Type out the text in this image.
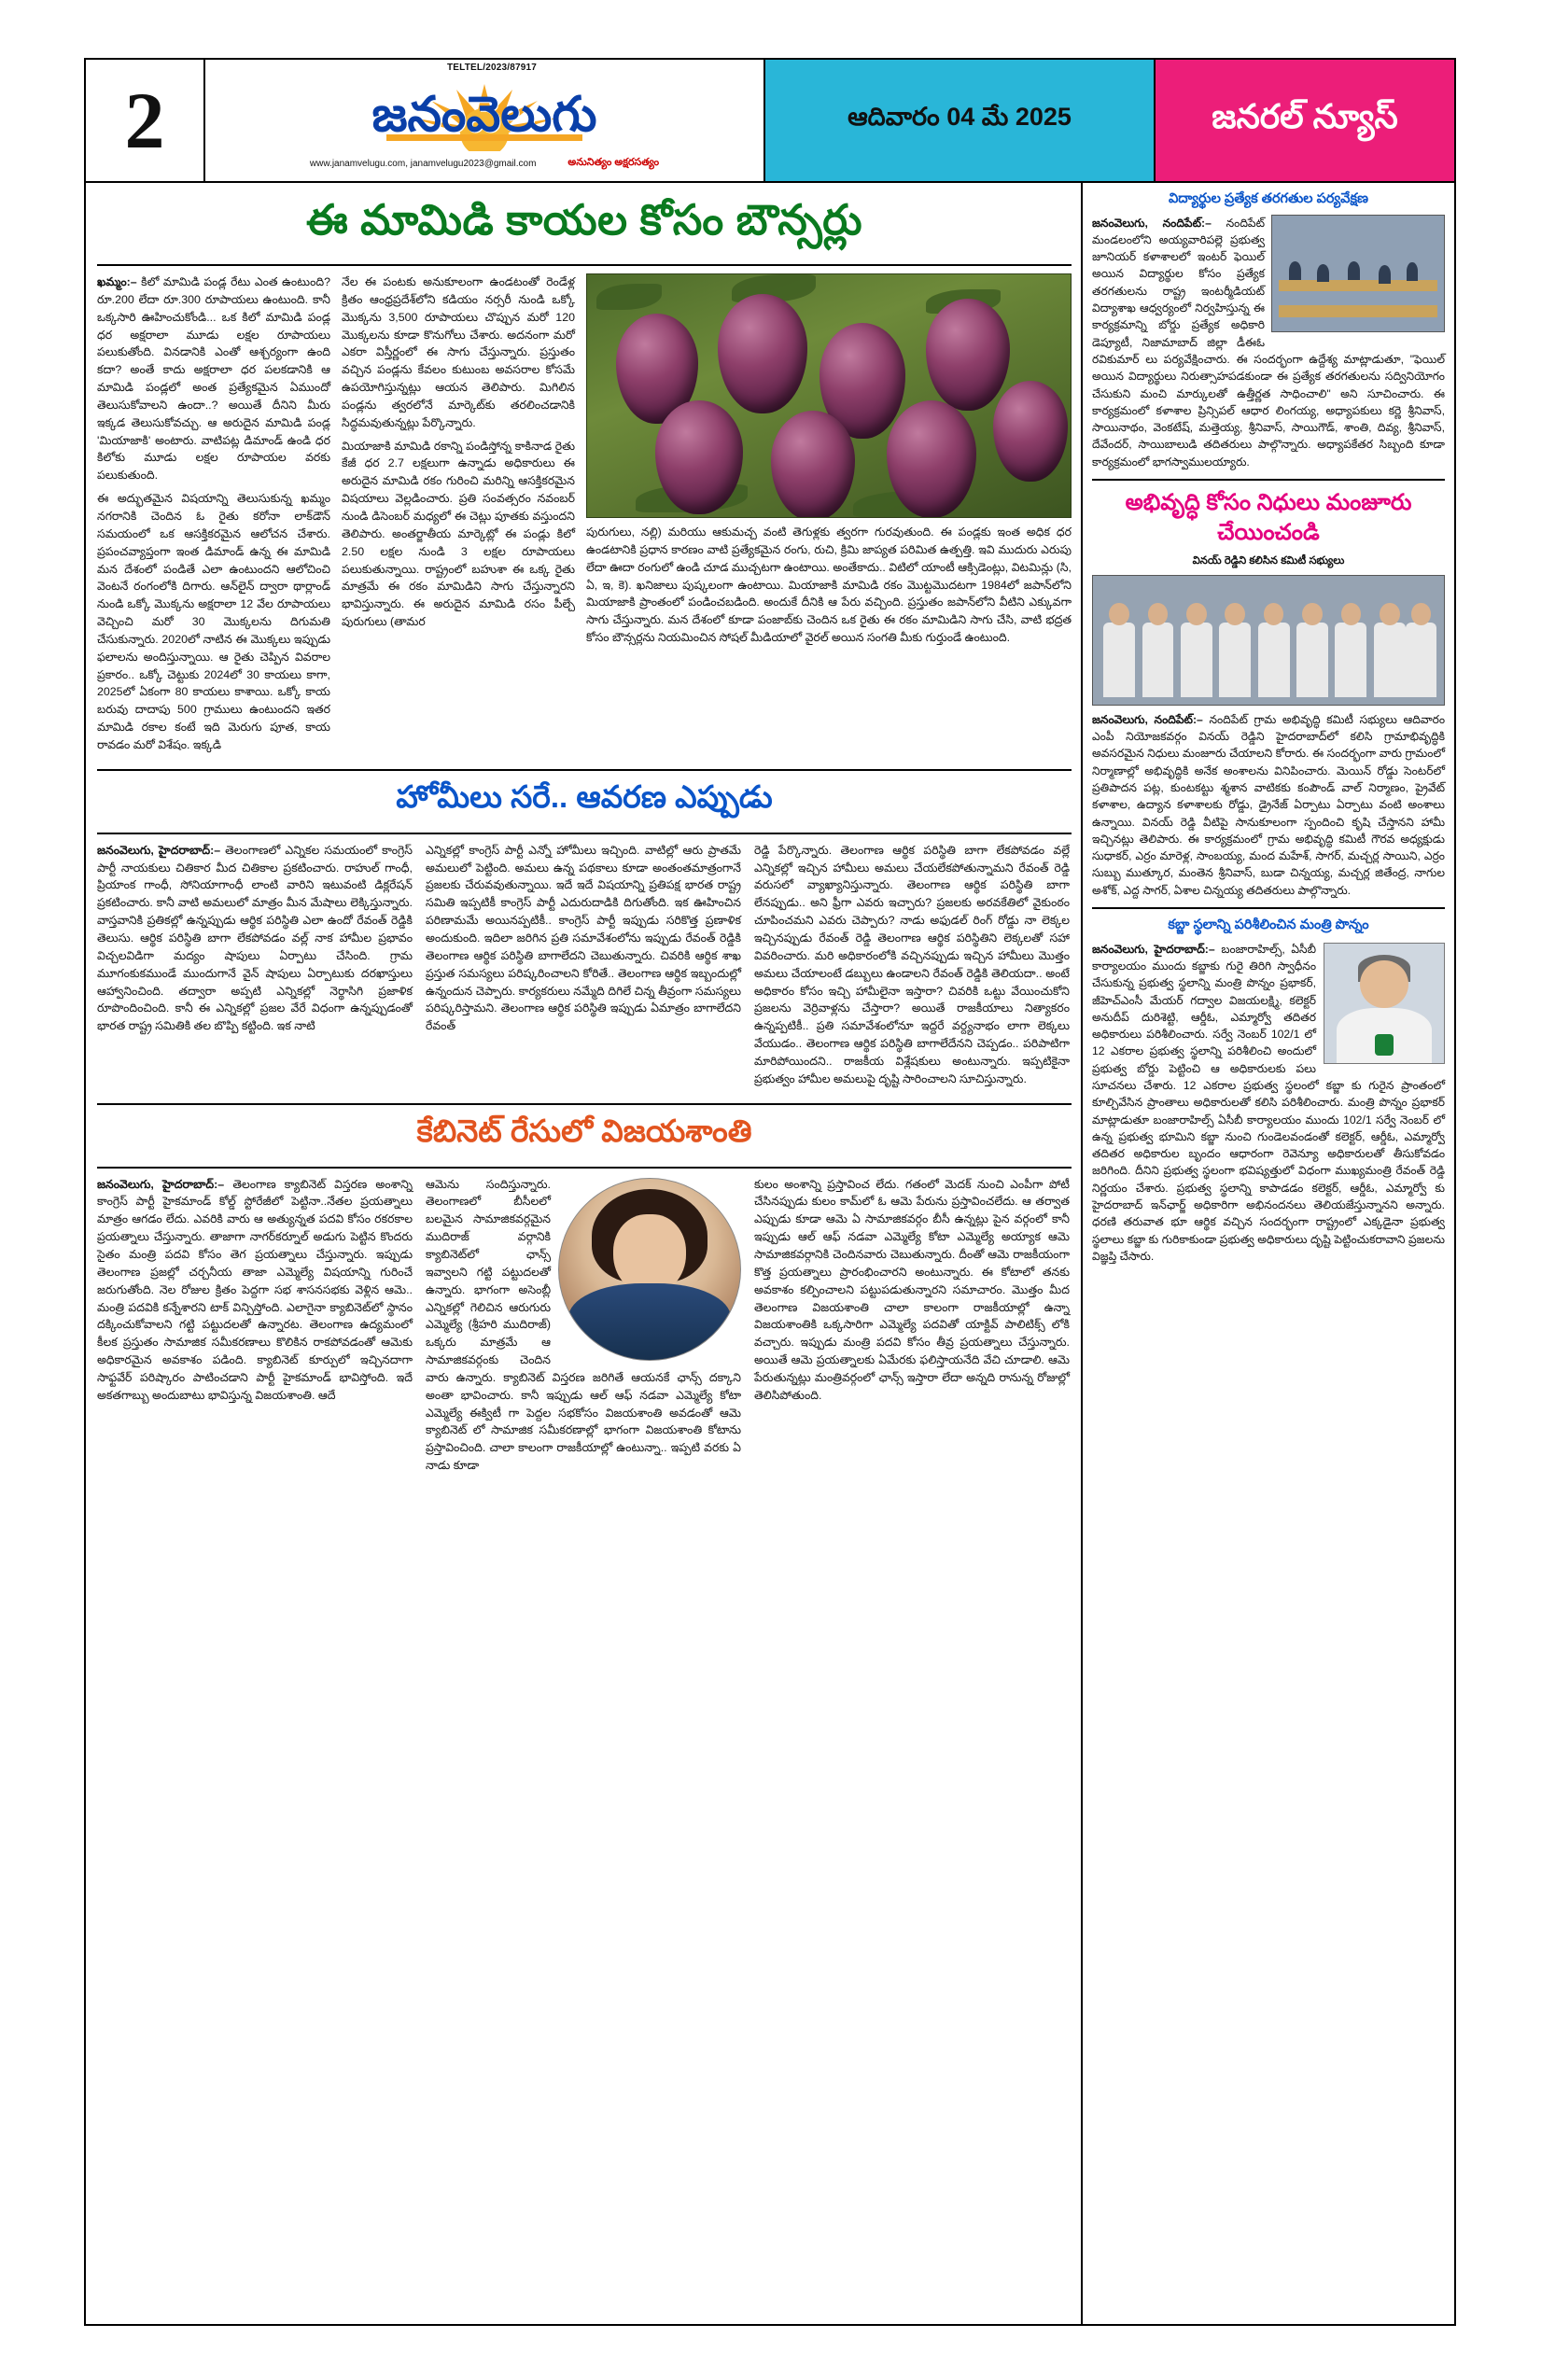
2
TELTEL/2023/87917
జనంవెలుగు
www.janamvelugu.com, janamvelugu2023@gmail.com	అనునిత్యం అక్షరసత్యం
ఆదివారం 04 మే 2025	జనరల్ న్యూస్
ఈ మామిడి కాయల కోసం బౌన్సర్లు

ఖమ్మం:– కిలో మామిడి పండ్ల రేటు ఎంత ఉంటుంది? రూ.200 లేదా రూ.300 రూపాయలు ఉంటుంది. కానీ ఒక్కసారి ఊహించుకోండి... ఒక కిలో మామిడి పండ్ల ధర అక్షరాలా మూడు లక్షల రూపాయలు పలుకుతోంది. వినడానికి ఎంతో ఆశ్చర్యంగా ఉంది కదా? అంతే కాదు అక్షరాలా ధర పలకడానికి ఆ మామిడి పండ్లలో అంత ప్రత్యేకమైన ఏముందో తెలుసుకోవాలని ఉందా..? అయితే దీనిని మీరు ఇక్కడ తెలుసుకోవచ్చు. ఆ అరుదైన మామిడి పండ్ల 'మియాజాకి' అంటారు. వాటిపట్ల డిమాండ్ ఉండి ధర కిలోకు మూడు లక్షల రూపాయల వరకు పలుకుతుంది.

ఈ అద్భుతమైన విషయాన్ని తెలుసుకున్న ఖమ్మం నగరానికి చెందిన ఓ రైతు కరోనా లాక్‌డౌన్ సమయంలో ఒక ఆసక్తికరమైన ఆలోచన చేశారు. ప్రపంచవ్యాప్తంగా ఇంత డిమాండ్ ఉన్న ఈ మామిడి మన దేశంలో పండితే ఎలా ఉంటుందని ఆలోచించి వెంటనే రంగంలోకి దిగారు. ఆన్‌లైన్ ద్వారా థార్లాండ్ నుండి ఒక్కో మొక్కను అక్షరాలా 12 వేల రూపాయలు వెచ్చించి మరో 30 మొక్కలను దిగుమతి చేసుకున్నారు. 2020లో నాటిన ఈ మొక్కలు ఇప్పుడు ఫలాలను అందిస్తున్నాయి. ఆ రైతు చెప్పిన వివరాల ప్రకారం.. ఒక్కో చెట్టుకు 2024లో 30 కాయలు కాగా, 2025లో ఏకంగా 80 కాయలు కాశాయి. ఒక్కో కాయ బరువు దాదాపు 500 గ్రాములు ఉంటుందని ఇతర మామిడి రకాల కంటే ఇది మెరుగు పూత, కాయ రావడం మరో విశేషం. ఇక్కడి

నేల ఈ పంటకు అనుకూలంగా ఉండటంతో రెండేళ్ల క్రితం ఆంధ్రప్రదేశ్‌లోని కడియం నర్సరీ నుండి ఒక్కో మొక్కను 3,500 రూపాయలు చొప్పున మరో 120 మొక్కలను కూడా కొనుగోలు చేశారు. అదనంగా మరో ఎకరా విస్తీర్ణంలో ఈ సాగు చేస్తున్నారు. ప్రస్తుతం వచ్చిన పండ్లను కేవలం కుటుంబ అవసరాల కోసమే ఉపయోగిస్తున్నట్లు ఆయన తెలిపారు. మిగిలిన పండ్లను త్వరలోనే మార్కెట్‌కు తరలించడానికి సిద్ధమవుతున్నట్లు పేర్కొన్నారు.

మియాజాకి మామిడి రకాన్ని పండిస్తోన్న కాకినాడ రైతు కేజీ ధర 2.7 లక్షలుగా ఉన్నాడు అధికారులు ఈ అరుదైన మామిడి రకం గురించి మరిన్ని ఆసక్తికరమైన విషయాలు వెల్లడించారు. ప్రతి సంవత్సరం నవంబర్ నుండి డిసెంబర్ మధ్యలో ఈ చెట్లు పూతకు వస్తుందని తెలిపారు. అంతర్జాతీయ మార్కెట్లో ఈ పండ్లు కిలో 2.50 లక్షల నుండి 3 లక్షల రూపాయలు పలుకుతున్నాయి. రాష్ట్రంలో బహుశా ఈ ఒక్క రైతు మాత్రమే ఈ రకం మామిడిని సాగు చేస్తున్నారని భావిస్తున్నారు. ఈ అరుదైన మామిడి రసం పీల్చే పురుగులు (తామర

పురుగులు, నల్లి) మరియు ఆకుమచ్చ వంటి తెగుళ్లకు త్వరగా గురవుతుంది. ఈ పండ్లకు ఇంత అధిక ధర ఉండటానికి ప్రధాన కారణం వాటి ప్రత్యేకమైన రంగు, రుచి, క్రిమి జాప్యత పరిమిత ఉత్పత్తి. ఇవి ముదురు ఎరుపు లేదా ఊదా రంగులో ఉండి చూడ ముచ్చటగా ఉంటాయి. అంతేకాదు.. విటిలో యాంటీ ఆక్సిడెంట్లు, విటమిన్లు (సి, ఏ, ఇ, కె). ఖనిజాలు పుష్కలంగా ఉంటాయి. మియాజాకి మామిడి రకం మొట్టమొదటగా 1984లో జపాన్‌లోని మియాజాకి ప్రాంతంలో పండించబడింది. అందుకే దీనికి ఆ పేరు వచ్చింది. ప్రస్తుతం జపాన్‌లోని వీటిని ఎక్కువగా సాగు చేస్తున్నారు. మన దేశంలో కూడా పంజాబ్‌కు చెందిన ఒక రైతు ఈ రకం మామిడిని సాగు చేసి, వాటి భద్రత కోసం బౌన్సర్లను నియమించిన సోషల్ మీడియాలో వైరల్ అయిన సంగతి మీకు గుర్తుండే ఉంటుంది.

హోమీలు సరే.. ఆవరణ ఎప్పుడు

జనంవెలుగు, హైదరాబాద్:– తెలంగాణలో ఎన్నికల సమయంలో కాంగ్రెస్ పార్టీ నాయకులు చితికార మీద చితికాల ప్రకటించారు. రాహుల్ గాంధీ, ప్రియాంక గాంధీ, సోనియాగాంధీ లాంటి వారిని ఇటువంటి డిక్లరేషన్ ప్రకటించారు. కానీ వాటి అమలులో మాత్రం మీన మేషాలు లెక్కిస్తున్నారు. వాస్తవానికి ప్రతికల్లో ఉన్నప్పుడు ఆర్థిక పరిస్థితి ఎలా ఉందో రేవంత్ రెడ్డికి తెలుసు. ఆర్థిక పరిస్థితి బాగా లేకపోవడం వల్ల్ నాక హామీల ప్రభావం విచ్చలవిడిగా మద్యం షాపులు ఏర్పాటు చేసింది. గ్రామ మూగంకుకముండే ముందుగానే వైన్ షాపులు ఏర్పాటుకు దరఖాస్తులు ఆహ్వానించింది. తద్వారా అప్పటి ఎన్నికల్లో నెర్థాసిగి ప్రజాళిక రూపొందించింది. కానీ ఈ ఎన్నికల్లో ప్రజల వేరే విధంగా ఉన్నప్పుడంతో భారత రాష్ట్ర సమితికి తల బొప్పి కట్టింది. ఇక నాటి

ఎన్నికల్లో కాంగ్రెస్ పార్టీ ఎన్నో హోమీలు ఇచ్చింది. వాటిల్లో ఆరు ప్రాతమే అమలులో పెట్టింది. అమలు ఉన్న పథకాలు కూడా అంతంతమాత్రంగానే ప్రజలకు చేరువవుతున్నాయి. ఇదే ఇదే విషయాన్ని ప్రతిపక్ష భారత రాష్ట్ర సమితి ఇప్పటికీ కాంగ్రెస్ పార్టీ ఎదురుదాడికి దిగుతోంది. ఇక ఊహించిన పరిణామమే అయినప్పటికీ.. కాంగ్రెస్ పార్టీ ఇప్పుడు సరికొత్త ప్రణాళిక అందుకుంది. ఇదిలా జరిగిన ప్రతి సమావేశంలోను ఇప్పుడు రేవంత్ రెడ్డికి తెలంగాణ ఆర్థిక పరిస్థితి బాగాలేదని చెబుతున్నారు. చివరికి ఆర్థిక శాఖ ప్రస్తుత సమస్యలు పరిష్కరించాలని కోరితే.. తెలంగాణ ఆర్థిక ఇబ్బందుల్లో ఉన్నందున చెప్పారు. కార్యకరులు నమ్మేది దిగిలే చిన్న తీవ్రంగా సమస్యలు పరిష్కరిస్తామని. తెలంగాణ ఆర్థిక పరిస్థితి ఇప్పుడు ఏమాత్రం బాగాలేదని రేవంత్

రెడ్డి పేర్కొన్నారు. తెలంగాణ ఆర్థిక పరిస్థితి బాగా లేకపోవడం వల్లే ఎన్నికల్లో ఇచ్చిన హామీలు అమలు చేయలేకపోతున్నామని రేవంత్ రెడ్డి వరుసలో వ్యాఖ్యానిస్తున్నారు. తెలంగాణ ఆర్థిక పరిస్థితి బాగా లేనప్పుడు.. అని ఫ్రీగా ఎవరు ఇచ్చారు? ప్రజలకు అరవకేతిలో వైకుంఠం చూపించమని ఎవరు చెప్పారు? నాడు అఫుడల్ రింగ్ రోడ్డు నా లెక్కల ఇచ్చినప్పుడు రేవంత్ రెడ్డి తెలంగాణ ఆర్థిక పరిస్థితిని లెక్కలతో సహా వివరించారు. మరి అధికారంలోకి వచ్చినప్పుడు ఇచ్చిన హామీలు మొత్తం అమలు చేయాలంటే డబ్బులు ఉండాలని రేవంత్ రెడ్డికి తెలియదా.. అంటే అధికారం కోసం ఇచ్చి హామీలైనా ఇస్తారా? చివరికి ఒట్టు వేయించుకోని ప్రజలను వెర్రివాళ్లను చేస్తారా? అయితే రాజకీయాలు నిత్యాకరం ఉన్నప్పటికీ.. ప్రతి సమావేశంలోనూ ఇద్దరే వర్ద్యనాభం లాగా లెక్కలు వేయుడం.. తెలంగాణ ఆర్థిక పరిస్థితి బాగాలేదేనని చెప్పడం.. పరిపాటిగా మారిపోయిందని.. రాజకీయ విశ్లేషకులు అంటున్నారు. ఇప్పటికైనా ప్రభుత్వం హామీల అమలుపై దృష్టి సారించాలని సూచిస్తున్నారు.

కేబినెట్ రేసులో విజయశాంతి

జనంవెలుగు, హైదరాబాద్:– తెలంగాణ క్యాబినెట్ విస్తరణ అంశాన్ని కాంగ్రెస్ పార్టీ హైకమాండ్ కోల్డ్ స్టోరేజీలో పెట్టినా..నేతల ప్రయత్నాలు మాత్రం ఆగడం లేదు. ఎవరికి వారు ఆ అత్యున్నత పదవి కోసం రకరకాల ప్రయత్నాలు చేస్తున్నారు. తాజాగా నాగర్‌కర్నూల్ అడుగు పెట్టిన కొందరు సైతం మంత్రి పదవి కోసం తెగ ప్రయత్నాలు చేస్తున్నారు. ఇప్పుడు తెలంగాణ ప్రజల్లో చర్చనీయ తాజా ఎమ్మెల్యే విషయాన్ని గురించే జరుగుతోంది. నెల రోజుల క్రితం పెద్దగా సభ శాసనసభకు వెళ్లిన ఆమె.. మంత్రి పదవికి కన్నేశారని టాక్ విన్పిస్తోంది. ఎలాగైనా క్యాబినెట్‌లో స్థానం దక్కించుకోవాలని గట్టి పట్టుదలతో ఉన్నారట. తెలంగాణ ఉద్యమంలో కీలక ప్రస్తుతం సామాజిక సమీకరణాలు కొలికిన రాకపోవడంతో ఆమెకు అధికారమైన అవకాశం పడింది. క్యాబినెట్ కూర్పులో ఇచ్చినదాగా సాఫ్టవేర్ పరిష్కారం పాటించడాని పార్టీ హైకమాండ్ భావిస్తోంది. ఇదే అకతగాబ్బు అందుబాటు భావిస్తున్న విజయశాంతి. ఆదే

ఆమెను సందిస్తున్నారు. తెలంగాణలో బీసీలలో బలమైన సామాజికవర్గమైన ముదిరాజ్ వర్గానికి క్యాబినెట్‌లో ఛాన్స్ ఇవ్వాలని గట్టి పట్టుదలతో ఉన్నారు. భాగంగా అసెంబ్లీ ఎన్నికల్లో గెలిచిన ఆరుగురు ఎమ్మెల్యే (శ్రీహరి ముదిరాజ్) ఒక్కరు మాత్రమే ఆ సామాజికవర్గంకు చెందిన వారు ఉన్నారు. క్యాబినెట్ విస్తరణ జరిగితే ఆయనకే ఛాన్స్ దక్కాని అంతా భావించారు. కానీ ఇప్పుడు ఆల్ ఆఫ్ నడవా ఎమ్మెల్యే కోటా ఎమ్మెల్యే ఈక్విటీ గా పెద్దల సభకోసం విజయశాంతి అవడంతో ఆమె క్యాబినెట్ లో సామాజిక సమీకరణాల్లో భాగంగా విజయశాంతి కోటాను ప్రస్తావించింది. చాలా కాలంగా రాజకీయాల్లో ఉంటున్నా.. ఇప్పటి వరకు ఏ నాడు కూడా

కులం అంశాన్ని ప్రస్తావించ లేదు. గతంలో మెదక్ నుంచి ఎంపీగా పోటీ చేసినప్పుడు కులం కామ్‌లో ఓ ఆమె పేరును ప్రస్తావించలేదు. ఆ తర్వాత ఎప్పుడు కూడా ఆమె ఏ సామాజికవర్గం బీసీ ఉన్నట్లు పైన వర్గంలో కానీ ఇప్పుడు ఆల్ ఆఫ్ నడవా ఎమ్మెల్యే కోటా ఎమ్మెల్యే అయ్యాక ఆమె సామాజికవర్గానికి చెందినవారు చెబుతున్నారు. దీంతో ఆమె రాజకీయంగా కొత్త ప్రయత్నాలు ప్రారంభించారని అంటున్నారు. ఈ కోటాలో తనకు అవకాశం కల్పించాలని పట్టుపడుతున్నారని సమాచారం. మొత్తం మీద తెలంగాణ విజయశాంతి చాలా కాలంగా రాజకీయాల్లో ఉన్నా విజయశాంతికి ఒక్కసారిగా ఎమ్మెల్యే పదవితో యాక్టివ్ పాలిటిక్స్ లోకి వచ్చారు. ఇప్పుడు మంత్రి పదవి కోసం తీవ్ర ప్రయత్నాలు చేస్తున్నారు. అయితే ఆమె ప్రయత్నాలకు ఏమేరకు ఫలిస్తాయనేది వేచి చూడాలి. ఆమె పేరుతున్నట్లు మంత్రివర్గంలో ఛాన్స్ ఇస్తారా లేదా అన్నది రానున్న రోజుల్లో తెలిసిపోతుంది.

విద్యార్థుల ప్రత్యేక తరగతుల పర్యవేక్షణ

జనంవెలుగు, నందిపేట్:– నందిపేట్ మండలంలోని అయ్యవారిపల్లె ప్రభుత్వ జూనియర్ కళాశాలలో ఇంటర్ ఫెయిల్ అయిన విద్యార్థుల కోసం ప్రత్యేక తరగతులను రాష్ట్ర ఇంటర్మీడియట్ విద్యాశాఖ ఆధ్వర్యంలో నిర్వహిస్తున్న ఈ కార్యక్రమాన్ని బోర్డు ప్రత్యేక అధికారి డెప్యూటీ, నిజామాబాద్ జిల్లా డీఈఓ రవికుమార్ లు పర్యవేక్షించారు. ఈ సందర్భంగా ఉద్దేశ్య మాట్లాడుతూ, "ఫెయిల్ అయిన విద్యార్థులు నిరుత్సాహపడకుండా ఈ ప్రత్యేక తరగతులను సద్వినియోగం చేసుకుని మంచి మార్కులతో ఉత్తీర్ణత సాధించాలి" అని సూచించారు. ఈ కార్యక్రమంలో కళాశాల ప్రిన్సిపల్ ఆధార లింగయ్య, అధ్యాపకులు కర్ణె శ్రీనివాస్, సాయినాథం, వెంకటేష్, మత్తెయ్య, శ్రీనివాస్, సాయిగౌడ్, శాంతి, దివ్య, శ్రీనివాస్, దేవేందర్, సాయిబాలుడి తదితరులు పాల్గొన్నారు. అధ్యాపకేతర సిబ్బంది కూడా కార్యక్రమంలో భాగస్వాములయ్యారు.

అభివృద్ధి కోసం నిధులు మంజూరు చేయించండి
వినయ్ రెడ్డిని కలిసిన కమిటీ సభ్యులు

జనంవెలుగు, నందిపేట్:– నందిపేట్ గ్రామ అభివృద్ధి కమిటీ సభ్యులు ఆదివారం ఎంపీ నియోజకవర్గం వినయ్ రెడ్డిని హైదరాబాద్‌లో కలిసి గ్రామాభివృద్ధికి అవసరమైన నిధులు మంజూరు చేయాలని కోరారు. ఈ సందర్భంగా వారు గ్రామంలో నిర్మాణాల్లో అభివృద్ధికి అనేక అంశాలను వినిపించారు. మెయిన్ రోడ్డు సెంటర్‌లో ప్రతిపాదన పట్ల, కుంటకట్టు శ్మశాన వాటికకు కంపౌండ్ వాల్ నిర్మాణం, ప్రైవేట్ కళాశాల, ఉద్యాన కళాశాలకు రోడ్డు, డ్రైనేజ్ ఏర్పాటు ఏర్పాటు వంటి అంశాలు ఉన్నాయి. వినయ్ రెడ్డి వీటిపై సానుకూలంగా స్పందించి కృషి చేస్తానని హామీ ఇచ్చినట్లు తెలిపారు. ఈ కార్యక్రమంలో గ్రామ అభివృద్ధి కమిటీ గౌరవ అధ్యక్షుడు సుధాకర్, ఎర్రం మారెళ్ల, సాంబయ్య, మంద మహేశ్, సాగర్, మచ్చర్ల సాయిని, ఎర్రం సుబ్బు ముత్కూర, మంతెన శ్రీనివాస్, బుడా చిన్నయ్య, మచ్చర్ల జితేంద్ర, నాగుల అశోక్, ఎద్ద సాగర్, ఏశాల చిన్నయ్య తదితరులు పాల్గొన్నారు.

కబ్జా స్థలాన్ని పరిశీలించిన మంత్రి పొన్నం

జనంవెలుగు, హైదరాబాద్:– బంజారాహిల్స్, ఏసీబీ కార్యాలయం ముందు కబ్జాకు గురై తిరిగి స్వాధీనం చేసుకున్న ప్రభుత్వ స్థలాన్ని మంత్రి పొన్నం ప్రభాకర్, జీహెచ్ఎంసీ మేయర్ గద్వాల విజయలక్ష్మి, కలెక్టర్ అనుదీప్ దురిశెట్టి, ఆర్డీఓ, ఎమ్మార్వో తదితర అధికారులు పరిశీలించారు. సర్వే నెంబర్ 102/1 లో 12 ఎకరాల ప్రభుత్వ స్థలాన్ని పరిశీలించి అందులో ప్రభుత్వ బోర్డు పెట్టించి ఆ అధికారులకు పలు సూచనలు చేశారు. 12 ఎకరాల ప్రభుత్వ స్థలంలో కబ్జా కు గురైన ప్రాంతంలో కూల్చివేసిన ప్రాంతాలు అధికారులతో కలిసి పరిశీలించారు. మంత్రి పొన్నం ప్రభాకర్ మాట్లాడుతూ బంజారాహిల్స్ ఏసీబీ కార్యాలయం ముందు 102/1 సర్వే నెంబర్ లో ఉన్న ప్రభుత్వ భూమిని కబ్జా నుంచి గుండెలవండంతో కలెక్టర్, ఆర్డీఓ, ఎమ్మార్వో తదితర అధికారుల బృందం ఆధారంగా రెవెన్యూ అధికారులతో తీసుకోవడం జరిగింది. దీనిని ప్రభుత్వ స్థలంగా భవిష్యత్తులో విధంగా ముఖ్యమంత్రి రేవంత్ రెడ్డి నిర్ణయం చేశారు. ప్రభుత్వ స్థలాన్ని కాపాడడం కలెక్టర్, ఆర్డీఓ, ఎమ్మార్వో కు హైదరాబాద్ ఇన్‌ఛార్జ్ అధికారిగా అభినందనలు తెలియజేస్తున్నానని అన్నారు. ధరణి తరువాత భూ ఆర్థిక వచ్చిన సందర్భంగా రాష్ట్రంలో ఎక్కడైనా ప్రభుత్వ స్థలాలు కబ్జా కు గురికాకుండా ప్రభుత్వ అధికారులు దృష్టి పెట్టించుకరావాని ప్రజలను విజ్ఞప్తి చేసారు.
